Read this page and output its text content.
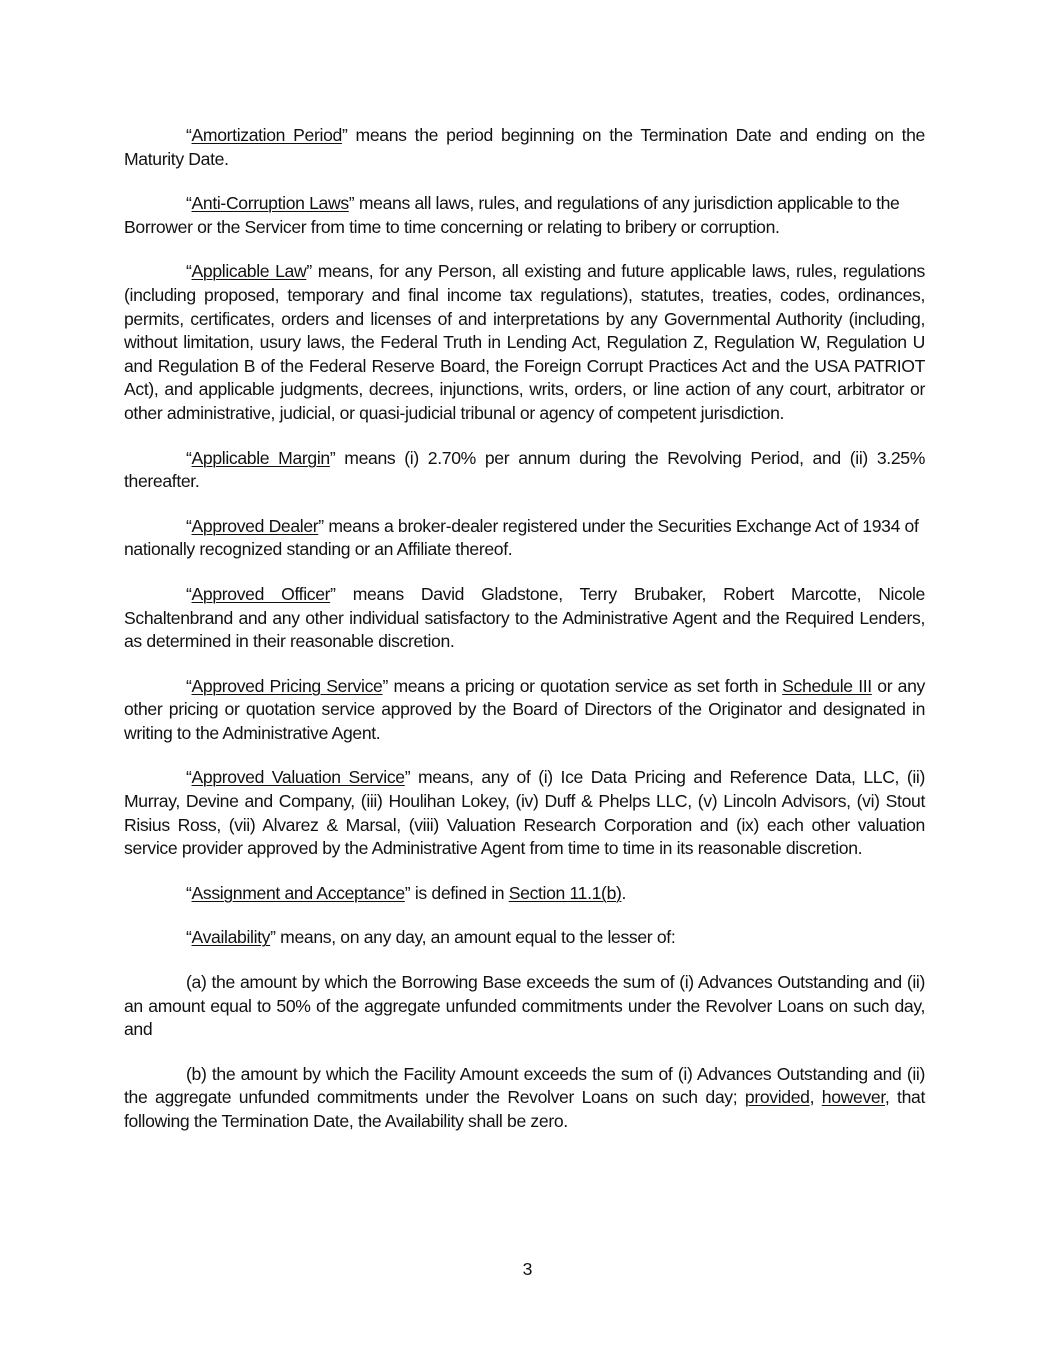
“Amortization Period” means the period beginning on the Termination Date and ending on the Maturity Date.

“Anti-Corruption Laws” means all laws, rules, and regulations of any jurisdiction applicable to the Borrower or the Servicer from time to time concerning or relating to bribery or corruption.

“Applicable Law” means, for any Person, all existing and future applicable laws, rules, regulations (including proposed, temporary and final income tax regulations), statutes, treaties, codes, ordinances, permits, certificates, orders and licenses of and interpretations by any Governmental Authority (including, without limitation, usury laws, the Federal Truth in Lending Act, Regulation Z, Regulation W, Regulation U and Regulation B of the Federal Reserve Board, the Foreign Corrupt Practices Act and the USA PATRIOT Act), and applicable judgments, decrees, injunctions, writs, orders, or line action of any court, arbitrator or other administrative, judicial, or quasi-judicial tribunal or agency of competent jurisdiction.

“Applicable Margin” means (i) 2.70% per annum during the Revolving Period, and (ii) 3.25% thereafter.

“Approved Dealer” means a broker-dealer registered under the Securities Exchange Act of 1934 of nationally recognized standing or an Affiliate thereof.

“Approved Officer” means David Gladstone, Terry Brubaker, Robert Marcotte, Nicole Schaltenbrand and any other individual satisfactory to the Administrative Agent and the Required Lenders, as determined in their reasonable discretion.

“Approved Pricing Service” means a pricing or quotation service as set forth in Schedule III or any other pricing or quotation service approved by the Board of Directors of the Originator and designated in writing to the Administrative Agent.

“Approved Valuation Service” means, any of (i) Ice Data Pricing and Reference Data, LLC, (ii) Murray, Devine and Company, (iii) Houlihan Lokey, (iv) Duff & Phelps LLC, (v) Lincoln Advisors, (vi) Stout Risius Ross, (vii) Alvarez & Marsal, (viii) Valuation Research Corporation and (ix) each other valuation service provider approved by the Administrative Agent from time to time in its reasonable discretion.

“Assignment and Acceptance” is defined in Section 11.1(b).

“Availability” means, on any day, an amount equal to the lesser of:

(a) the amount by which the Borrowing Base exceeds the sum of (i) Advances Outstanding and (ii) an amount equal to 50% of the aggregate unfunded commitments under the Revolver Loans on such day, and

(b) the amount by which the Facility Amount exceeds the sum of (i) Advances Outstanding and (ii) the aggregate unfunded commitments under the Revolver Loans on such day; provided, however, that following the Termination Date, the Availability shall be zero.

3
